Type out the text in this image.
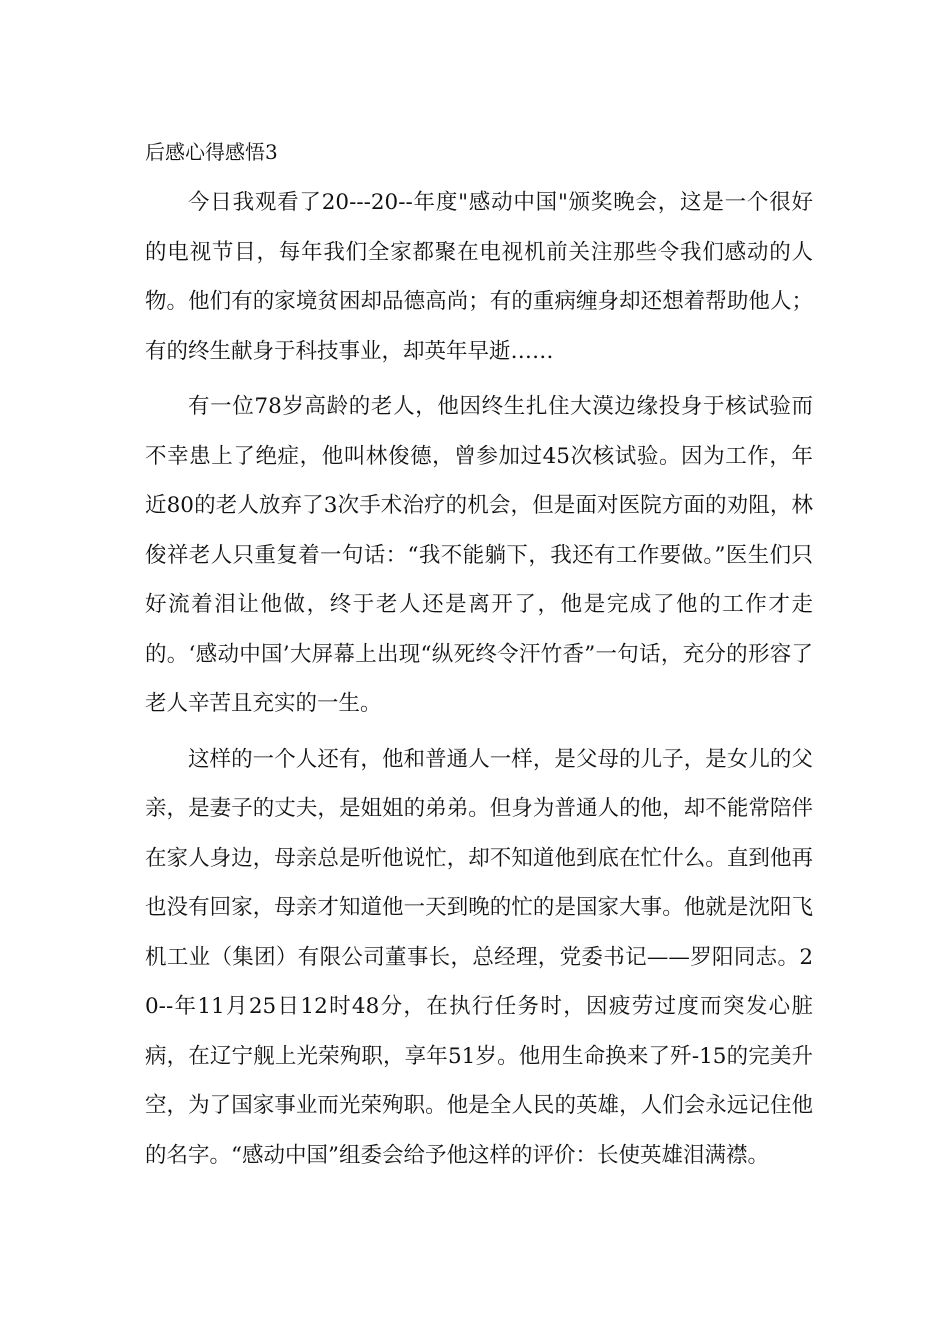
后感心得感悟3

今日我观看了20---20--年度"感动中国"颁奖晚会，这是一个很好的电视节目，每年我们全家都聚在电视机前关注那些令我们感动的人物。他们有的家境贫困却品德高尚；有的重病缠身却还想着帮助他人；有的终生献身于科技事业，却英年早逝……

有一位78岁高龄的老人，他因终生扎住大漠边缘投身于核试验而不幸患上了绝症，他叫林俊德，曾参加过45次核试验。因为工作，年近80的老人放弃了3次手术治疗的机会，但是面对医院方面的劝阻，林俊祥老人只重复着一句话：“我不能躺下，我还有工作要做。”医生们只好流着泪让他做，终于老人还是离开了，他是完成了他的工作才走的。‘感动中国’大屏幕上出现“纵死终令汗竹香”一句话，充分的形容了老人辛苦且充实的一生。

这样的一个人还有，他和普通人一样，是父母的儿子，是女儿的父亲，是妻子的丈夫，是姐姐的弟弟。但身为普通人的他，却不能常陪伴在家人身边，母亲总是听他说忙，却不知道他到底在忙什么。直到他再也没有回家，母亲才知道他一天到晚的忙的是国家大事。他就是沈阳飞机工业（集团）有限公司董事长，总经理，党委书记——罗阳同志。20--年11月25日12时48分，在执行任务时，因疲劳过度而突发心脏病，在辽宁舰上光荣殉职，享年51岁。他用生命换来了歼-15的完美升空，为了国家事业而光荣殉职。他是全人民的英雄，人们会永远记住他的名字。“感动中国”组委会给予他这样的评价：长使英雄泪满襟。
